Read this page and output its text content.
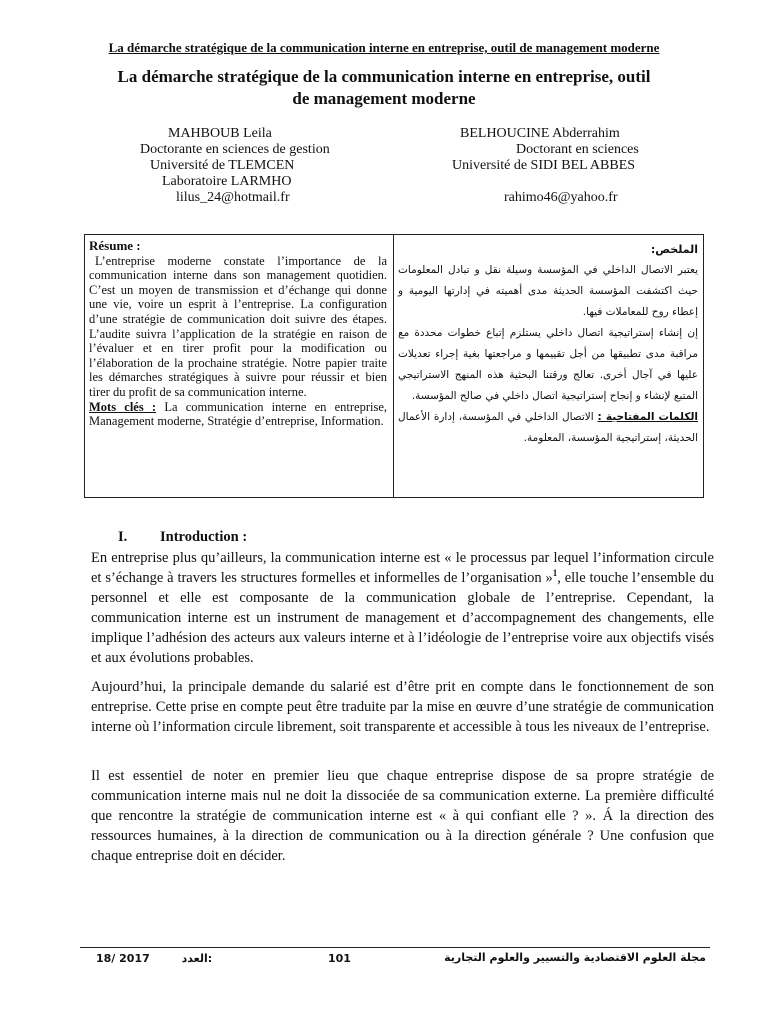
La démarche stratégique de la communication interne en entreprise, outil de management moderne
La démarche stratégique de la communication interne en entreprise, outil
de management moderne
MAHBOUB Leila
Doctorante en sciences de gestion
Université de TLEMCEN
Laboratoire LARMHO
lilus_24@hotmail.fr
BELHOUCINE Abderrahim
Doctorant en sciences
Université de SIDI BEL ABBES

rahimo46@yahoo.fr
Résume :
L’entreprise moderne constate l’importance de la communication interne dans son management quotidien. C’est un moyen de transmission et d’échange qui donne une vie, voire un esprit à l’entreprise. La configuration d’une stratégie de communication doit suivre des étapes. L’audite suivra l’application de la stratégie en raison de l’évaluer et en tirer profit pour la modification ou l’élaboration de la prochaine stratégie. Notre papier traite les démarches stratégiques à suivre pour réussir et bien tirer du profit de sa communication interne.
Mots clés : La communication interne en entreprise, Management moderne, Stratégie d’entreprise, Information.
الملخص:
يعتبر الاتصال الداخلي في المؤسسة وسيلة نقل و تبادل المعلومات حيث اكتشفت المؤسسة الحديثة مدى أهميته في إدارتها اليومية و إعطاء روح للمعاملات فيها.
إن إنشاء إستراتيجية اتصال داخلي يستلزم إتباع خطوات محددة مع مراقبة مدى تطبيقها من أجل تقييمها و مراجعتها بغية إجراء تعديلات عليها في آجال أخرى. تعالج ورقتنا البحثية هذه المنهج الاستراتيجي المتبع لإنشاء و إنجاح إستراتيجية اتصال داخلي في صالح المؤسسة.
الكلمات المفتاحية : الاتصال الداخلي في المؤسسة، إدارة الأعمال الحديثة، إستراتيجية المؤسسة، المعلومة.
I. Introduction :
En entreprise plus qu’ailleurs, la communication interne est « le processus par lequel l’information circule et s’échange à travers les structures formelles et informelles de l’organisation »$^1$, elle touche l’ensemble du personnel et elle est composante de la communication globale de l’entreprise. Cependant, la communication interne est un instrument de management et d’accompagnement des changements, elle implique l’adhésion des acteurs aux valeurs interne et à l’idéologie de l’entreprise voire aux objectifs visés et aux évolutions probables.
Aujourd’hui, la principale demande du salarié est d’être prit en compte dans le fonctionnement de son entreprise. Cette prise en compte peut être traduite par la mise en œuvre d’une stratégie de communication interne où l’information circule librement, soit transparente et accessible à tous les niveaux de l’entreprise.
Il est essentiel de noter en premier lieu que chaque entreprise dispose de sa propre stratégie de communication interne mais nul ne doit la dissociée de sa communication externe. La première difficulté que rencontre la stratégie de communication interne est « à qui confiant elle ? ». Á la direction des ressources humaines, à la direction de communication ou à la direction générale ? Une confusion que chaque entreprise doit en décider.
18/ 2017	العدد:	101	مجلة العلوم الاقتصادية والتسيير والعلوم التجارية
